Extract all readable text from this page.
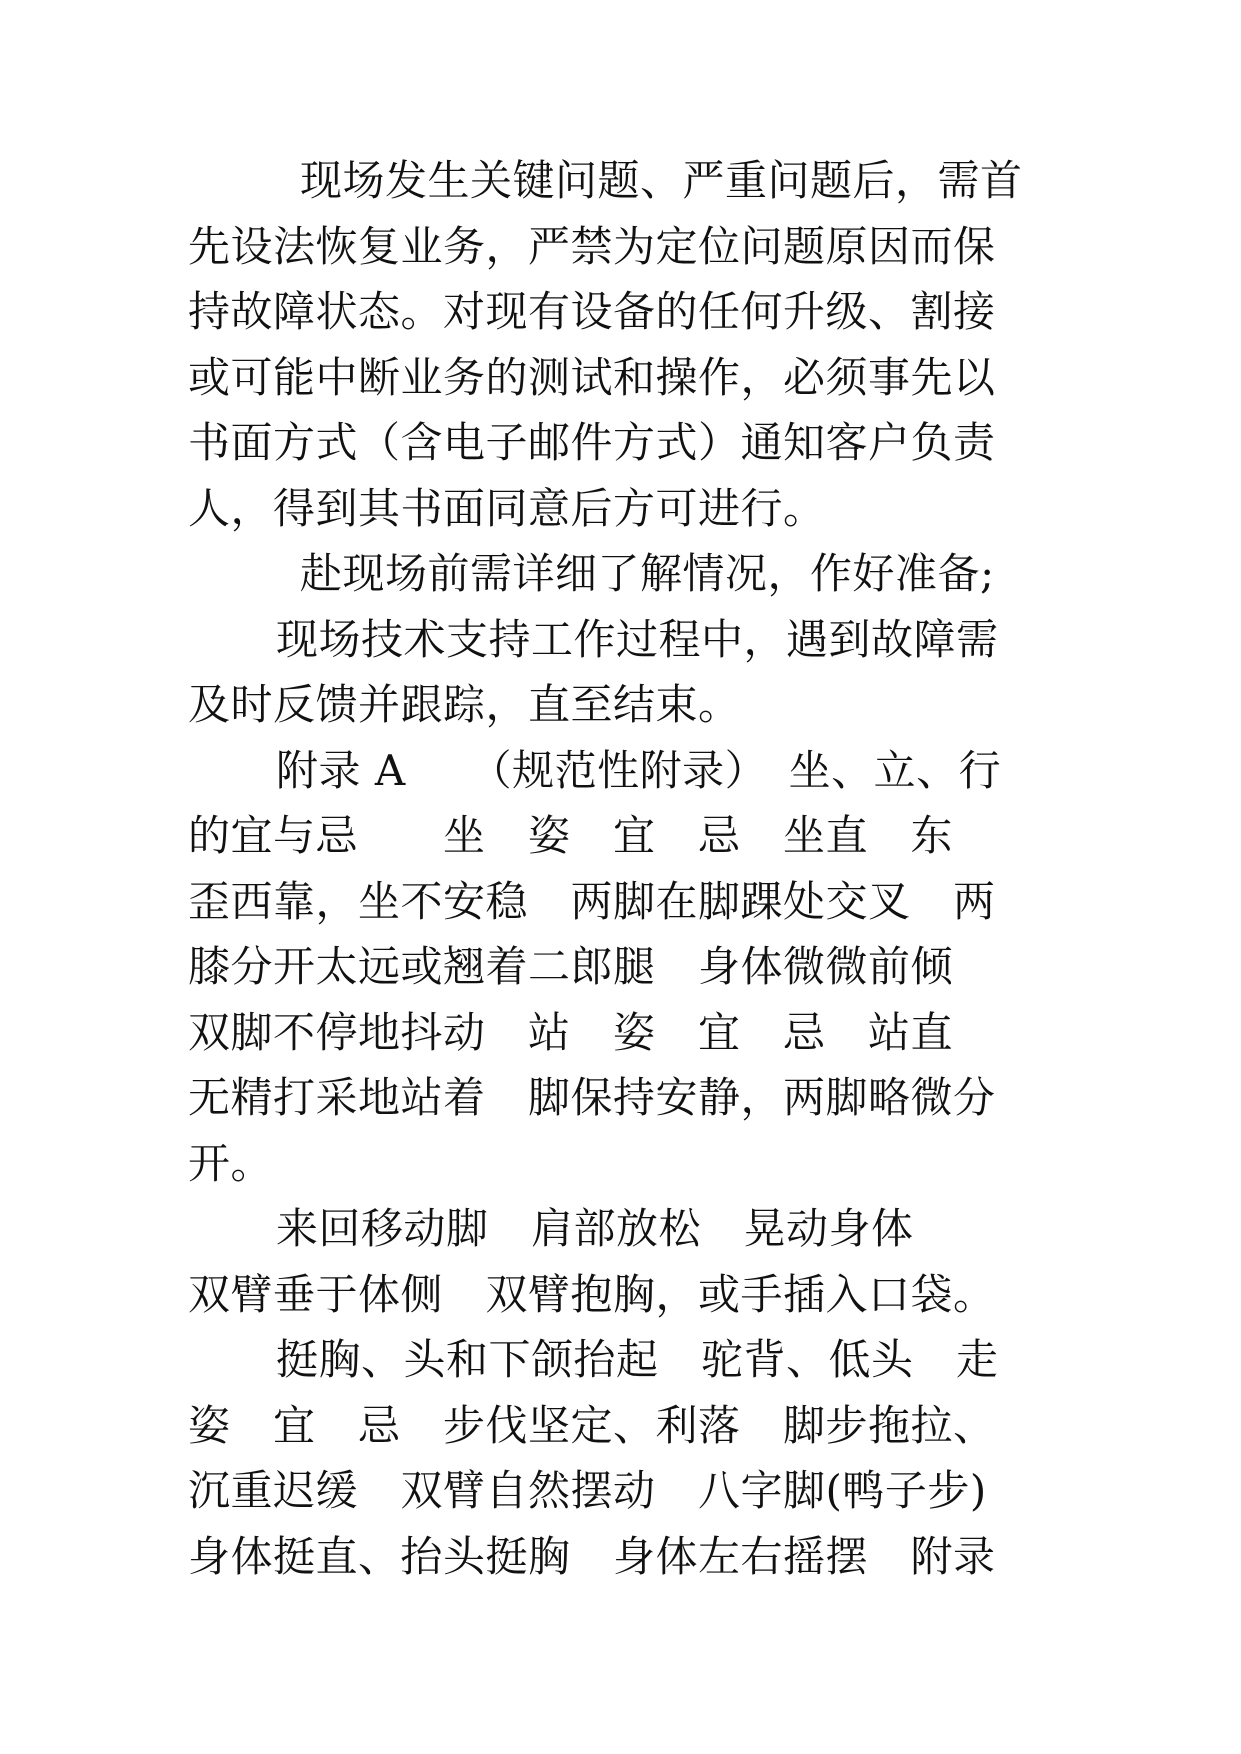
现场发生关键问题、严重问题后，需首
先设法恢复业务，严禁为定位问题原因而保
持故障状态。对现有设备的任何升级、割接
或可能中断业务的测试和操作，必须事先以
书面方式（含电子邮件方式）通知客户负责
人，得到其书面同意后方可进行。
赴现场前需详细了解情况，作好准备;
现场技术支持工作过程中，遇到故障需
及时反馈并跟踪，直至结束。
附录 A　　（规范性附录）　坐、立、行
的宜与忌　　坐　姿　宜　忌　坐直　东
歪西靠，坐不安稳　两脚在脚踝处交叉　两
膝分开太远或翘着二郎腿　身体微微前倾
双脚不停地抖动　站　姿　宜　忌　站直
无精打采地站着　脚保持安静，两脚略微分
开。
来回移动脚　肩部放松　晃动身体
双臂垂于体侧　双臂抱胸，或手插入口袋。
挺胸、头和下颌抬起　驼背、低头　走
姿　宜　忌　步伐坚定、利落　脚步拖拉、
沉重迟缓　双臂自然摆动　八字脚(鸭子步)
身体挺直、抬头挺胸　身体左右摇摆　附录
